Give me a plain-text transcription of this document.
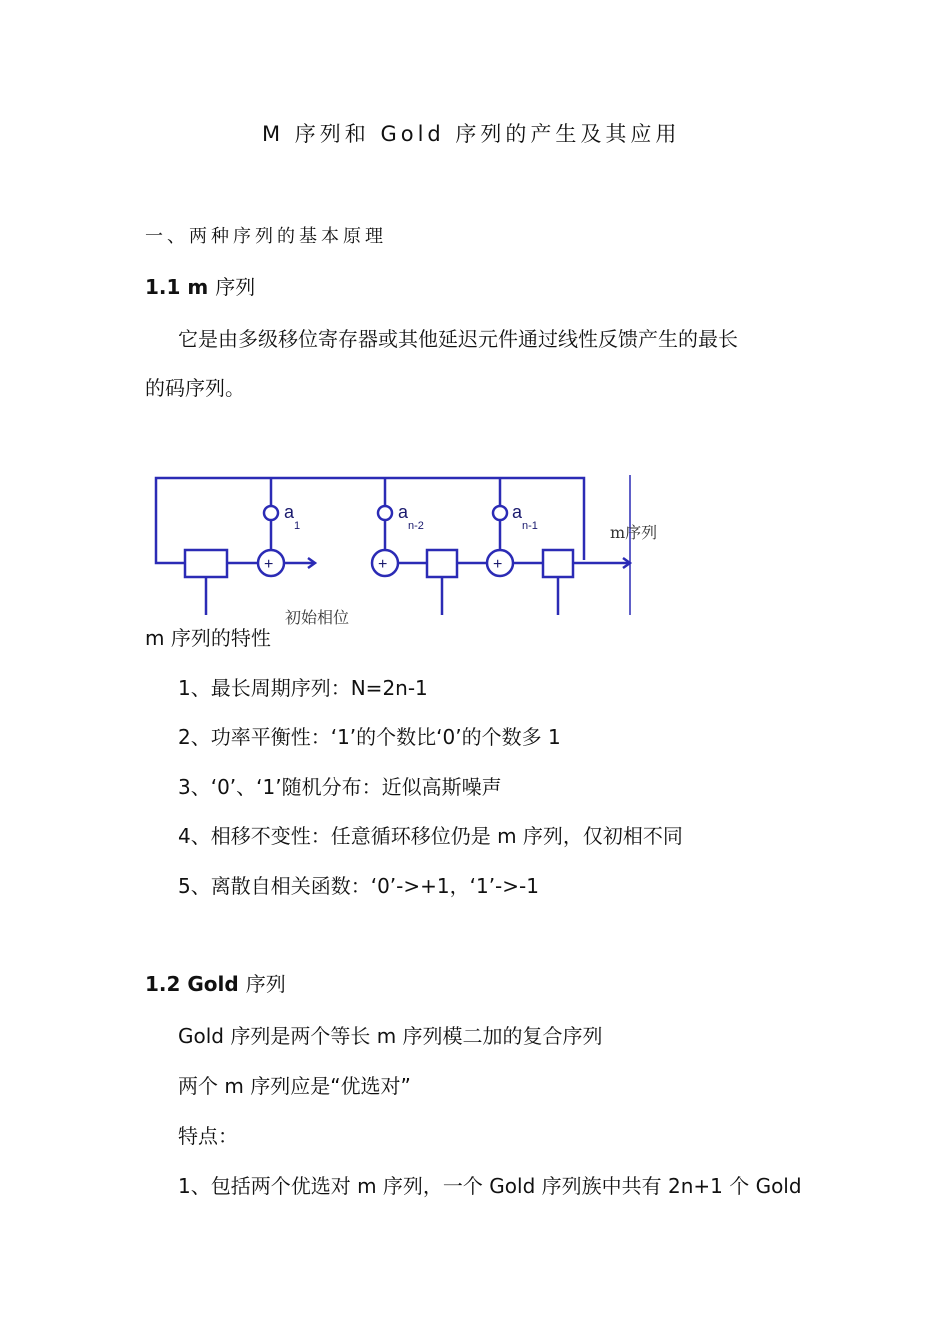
M 序列和 Gold 序列的产生及其应用
一、两种序列的基本原理
1.1 m 序列
它是由多级移位寄存器或其他延迟元件通过线性反馈产生的最长
的码序列。
+	+	+
a
1
a
n-2
a
n-1	m序列
初始相位
m 序列的特性
1、最长周期序列：N=2n-1
2、功率平衡性：‘1’的个数比‘0’的个数多 1
3、‘0’、‘1’随机分布：近似高斯噪声
4、相移不变性：任意循环移位仍是 m 序列，仅初相不同
5、离散自相关函数：‘0’->+1，‘1’->-1
1.2 Gold 序列
Gold 序列是两个等长 m 序列模二加的复合序列
两个 m 序列应是“优选对”
特点：
1、包括两个优选对 m 序列，一个 Gold 序列族中共有 2n+1 个 Gold
